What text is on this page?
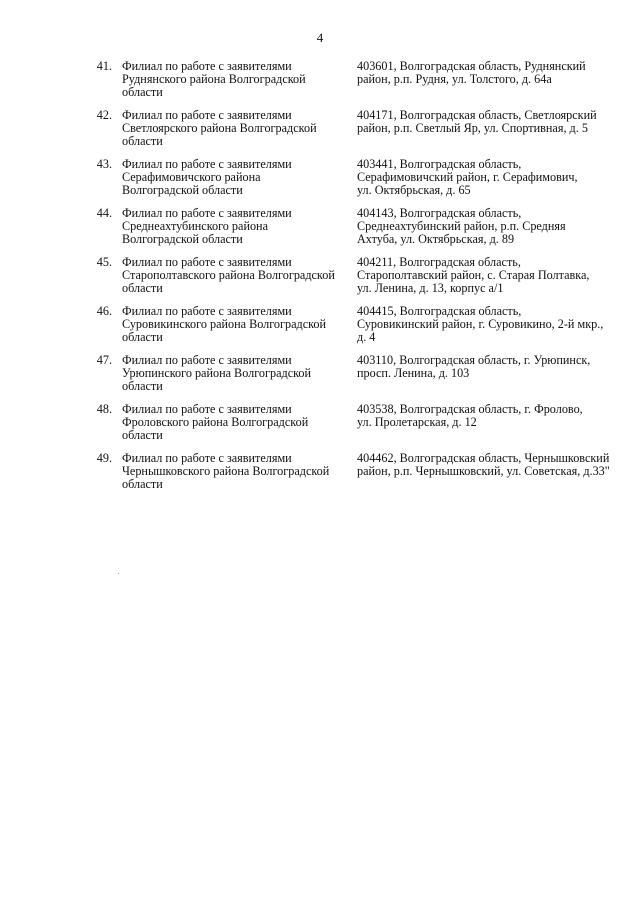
4
41. Филиал по работе с заявителями
Руднянского района Волгоградской
области
403601, Волгоградская область, Руднянский
район, р.п. Рудня, ул. Толстого, д. 64а
42. Филиал по работе с заявителями
Светлоярского района Волгоградской
области
404171, Волгоградская область, Светлоярский
район, р.п. Светлый Яр, ул. Спортивная, д. 5
43. Филиал по работе с заявителями
Серафимовичского района
Волгоградской области
403441, Волгоградская область,
Серафимовичский район, г. Серафимович,
ул. Октябрьская, д. 65
44. Филиал по работе с заявителями
Среднеахтубинского района
Волгоградской области
404143, Волгоградская область,
Среднеахтубинский район, р.п. Средняя
Ахтуба, ул. Октябрьская, д. 89
45. Филиал по работе с заявителями
Старополтавского района Волгоградской
области
404211, Волгоградская область,
Старополтавский район, с. Старая Полтавка,
ул. Ленина, д. 13, корпус а/1
46. Филиал по работе с заявителями
Суровикинского района Волгоградской
области
404415, Волгоградская область,
Суровикинский район, г. Суровикино, 2-й мкр.,
д. 4
47. Филиал по работе с заявителями
Урюпинского района Волгоградской
области
403110, Волгоградская область, г. Урюпинск,
просп. Ленина, д. 103
48. Филиал по работе с заявителями
Фроловского района Волгоградской
области
403538, Волгоградская область, г. Фролово,
ул. Пролетарская, д. 12
49. Филиал по работе с заявителями
Чернышковского района Волгоградской
области
404462, Волгоградская область, Чернышковский
район, р.п. Чернышковский, ул. Советская, д.33"
